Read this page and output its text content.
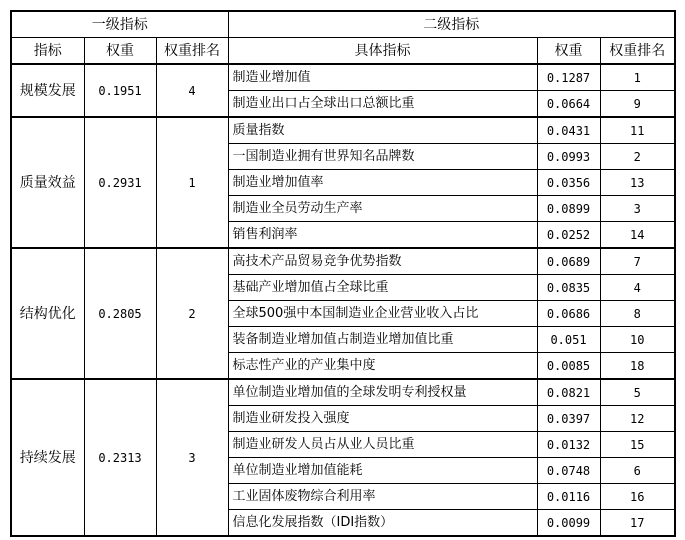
一级指标			二级指标		
指标	权重	权重排名	具体指标	权重	权重排名
规模发展	0.1951	4	制造业增加值	0.1287	1
			制造业出口占全球出口总额比重	0.0664	9
质量效益	0.2931	1	质量指数	0.0431	11
			一国制造业拥有世界知名品牌数	0.0993	2
			制造业增加值率	0.0356	13
			制造业全员劳动生产率	0.0899	3
			销售利润率	0.0252	14
结构优化	0.2805	2	高技术产品贸易竞争优势指数	0.0689	7
			基础产业增加值占全球比重	0.0835	4
			全球500强中本国制造业企业营业收入占比	0.0686	8
			装备制造业增加值占制造业增加值比重	0.051	10
			标志性产业的产业集中度	0.0085	18
持续发展	0.2313	3	单位制造业增加值的全球发明专利授权量	0.0821	5
			制造业研发投入强度	0.0397	12
			制造业研发人员占从业人员比重	0.0132	15
			单位制造业增加值能耗	0.0748	6
			工业固体废物综合利用率	0.0116	16
			信息化发展指数（IDI指数）	0.0099	17
